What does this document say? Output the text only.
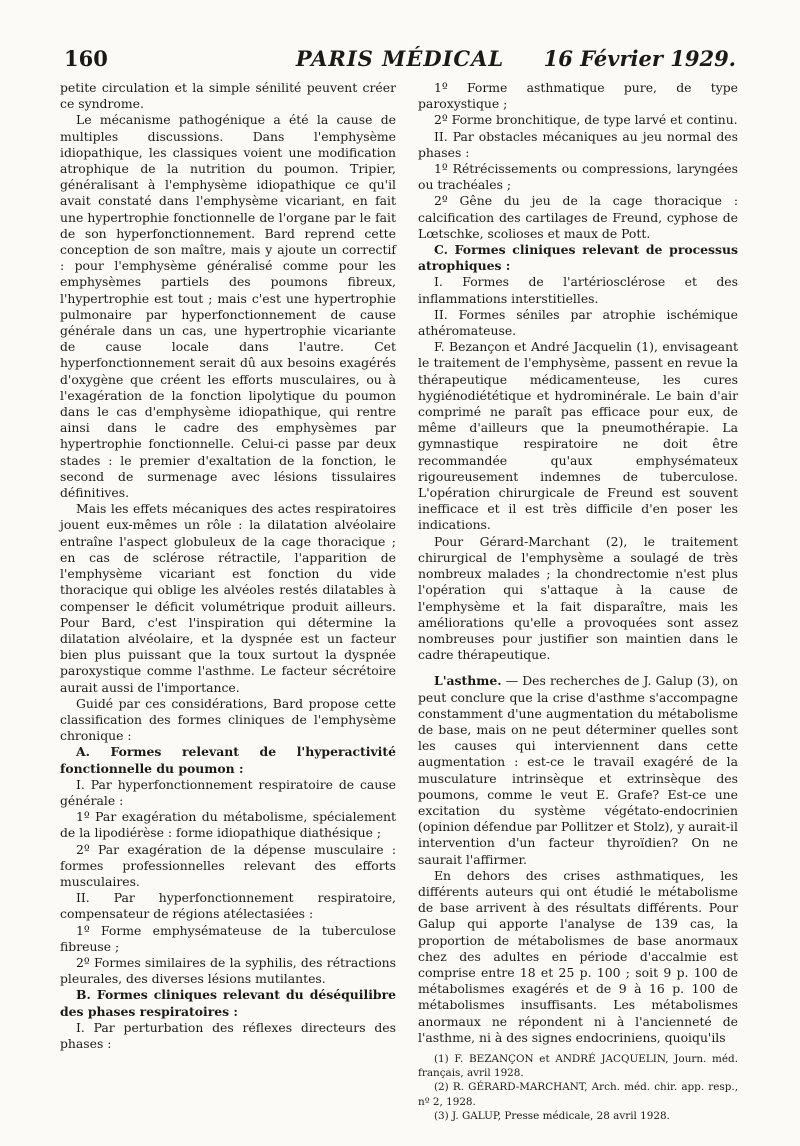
160	PARIS MÉDICAL	16 Février 1929.

petite circulation et la simple sénilité peuvent créer ce syndrome.

Le mécanisme pathogénique a été la cause de multiples discussions. Dans l'emphysème idiopathique, les classiques voient une modification atrophique de la nutrition du poumon. Tripier, généralisant à l'emphysème idiopathique ce qu'il avait constaté dans l'emphysème vicariant, en fait une hypertrophie fonctionnelle de l'organe par le fait de son hyperfonctionnement. Bard reprend cette conception de son maître, mais y ajoute un correctif : pour l'emphysème généralisé comme pour les emphysèmes partiels des poumons fibreux, l'hypertrophie est tout ; mais c'est une hypertrophie pulmonaire par hyperfonctionnement de cause générale dans un cas, une hypertrophie vicariante de cause locale dans l'autre. Cet hyperfonctionnement serait dû aux besoins exagérés d'oxygène que créent les efforts musculaires, ou à l'exagération de la fonction lipolytique du poumon dans le cas d'emphysème idiopathique, qui rentre ainsi dans le cadre des emphysèmes par hypertrophie fonctionnelle. Celui-ci passe par deux stades : le premier d'exaltation de la fonction, le second de surmenage avec lésions tissulaires définitives.

Mais les effets mécaniques des actes respiratoires jouent eux-mêmes un rôle : la dilatation alvéolaire entraîne l'aspect globuleux de la cage thoracique ; en cas de sclérose rétractile, l'apparition de l'emphysème vicariant est fonction du vide thoracique qui oblige les alvéoles restés dilatables à compenser le déficit volumétrique produit ailleurs. Pour Bard, c'est l'inspiration qui détermine la dilatation alvéolaire, et la dyspnée est un facteur bien plus puissant que la toux surtout la dyspnée paroxystique comme l'asthme. Le facteur sécrétoire aurait aussi de l'importance.

Guidé par ces considérations, Bard propose cette classification des formes cliniques de l'emphysème chronique :

A. Formes relevant de l'hyperactivité fonctionnelle du poumon :

I. Par hyperfonctionnement respiratoire de cause générale :

1º Par exagération du métabolisme, spécialement de la lipodiérèse : forme idiopathique diathésique ;

2º Par exagération de la dépense musculaire : formes professionnelles relevant des efforts musculaires.

II. Par hyperfonctionnement respiratoire, compensateur de régions atélectasiées :

1º Forme emphysémateuse de la tuberculose fibreuse ;

2º Formes similaires de la syphilis, des rétractions pleurales, des diverses lésions mutilantes.

B. Formes cliniques relevant du déséquilibre des phases respiratoires :

I. Par perturbation des réflexes directeurs des phases :

1º Forme asthmatique pure, de type paroxystique ;

2º Forme bronchitique, de type larvé et continu.

II. Par obstacles mécaniques au jeu normal des phases :

1º Rétrécissements ou compressions, laryngées ou trachéales ;

2º Gêne du jeu de la cage thoracique : calcification des cartilages de Freund, cyphose de Lœtschke, scolioses et maux de Pott.

C. Formes cliniques relevant de processus atrophiques :

I. Formes de l'artériosclérose et des inflammations interstitielles.

II. Formes séniles par atrophie ischémique athéromateuse.

F. Bezançon et André Jacquelin (1), envisageant le traitement de l'emphysème, passent en revue la thérapeutique médicamenteuse, les cures hygiénodiététique et hydrominérale. Le bain d'air comprimé ne paraît pas efficace pour eux, de même d'ailleurs que la pneumothérapie. La gymnastique respiratoire ne doit être recommandée qu'aux emphysémateux rigoureusement indemnes de tuberculose. L'opération chirurgicale de Freund est souvent inefficace et il est très difficile d'en poser les indications.

Pour Gérard-Marchant (2), le traitement chirurgical de l'emphysème a soulagé de très nombreux malades ; la chondrectomie n'est plus l'opération qui s'attaque à la cause de l'emphysème et la fait disparaître, mais les améliorations qu'elle a provoquées sont assez nombreuses pour justifier son maintien dans le cadre thérapeutique.

L'asthme. — Des recherches de J. Galup (3), on peut conclure que la crise d'asthme s'accompagne constamment d'une augmentation du métabolisme de base, mais on ne peut déterminer quelles sont les causes qui interviennent dans cette augmentation : est-ce le travail exagéré de la musculature intrinsèque et extrinsèque des poumons, comme le veut E. Grafe? Est-ce une excitation du système végétato-endocrinien (opinion défendue par Pollitzer et Stolz), y aurait-il intervention d'un facteur thyroïdien? On ne saurait l'affirmer.

En dehors des crises asthmatiques, les différents auteurs qui ont étudié le métabolisme de base arrivent à des résultats différents. Pour Galup qui apporte l'analyse de 139 cas, la proportion de métabolismes de base anormaux chez des adultes en période d'accalmie est comprise entre 18 et 25 p. 100 ; soit 9 p. 100 de métabolismes exagérés et de 9 à 16 p. 100 de métabolismes insuffisants. Les métabolismes anormaux ne répondent ni à l'ancienneté de l'asthme, ni à des signes endocriniens, quoiqu'ils

(1) F. BEZANÇON et ANDRÉ JACQUELIN, Journ. méd. français, avril 1928.

(2) R. GÉRARD-MARCHANT, Arch. méd. chir. app. resp., nº 2, 1928.

(3) J. GALUP, Presse médicale, 28 avril 1928.
